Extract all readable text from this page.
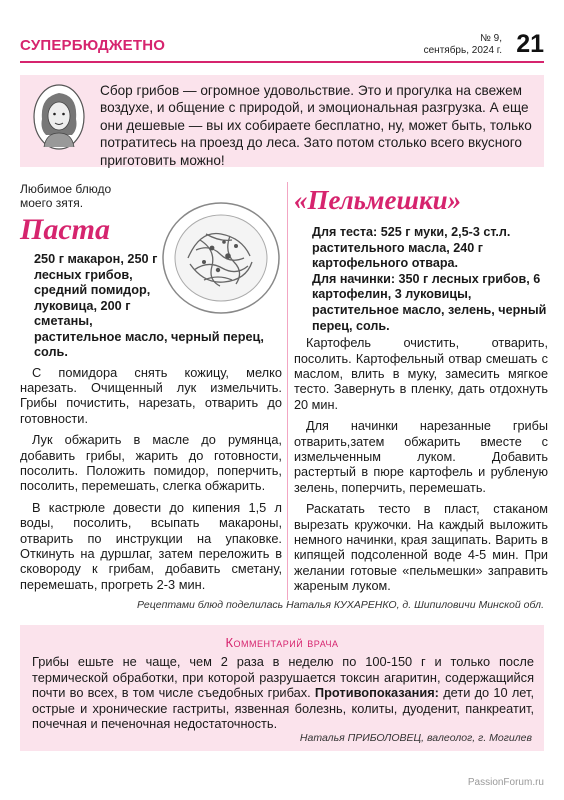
СУПЕРБЮДЖЕТНО	№ 9,
сентябрь, 2024 г. 21
Сбор грибов — огромное удовольствие. Это и прогулка на свежем воздухе, и общение с природой, и эмоциональная разгрузка. А еще они дешевые — вы их собираете бесплатно, ну, может быть, только потратитесь на проезд до леса. Зато потом столько всего вкусного приготовить можно!
Любимое блюдо моего зятя.
Паста
250 г макарон, 250 г лесных грибов, средний помидор, луковица, 200 г сметаны,
растительное масло, черный перец, соль.

С помидора снять кожицу, мелко нарезать. Очищенный лук измельчить. Грибы почистить, нарезать, отварить до готовности.

Лук обжарить в масле до румянца, добавить грибы, жарить до готовности, посолить. Положить помидор, поперчить, посолить, перемешать, слегка обжарить.

В кастрюле довести до кипения 1,5 л воды, посолить, всыпать макароны, отварить по инструкции на упаковке. Откинуть на дуршлаг, затем переложить в сковороду к грибам, добавить сметану, перемешать, прогреть 2-3 мин.

«Пельмешки»

Для теста: 525 г муки, 2,5-3 ст.л. растительного масла, 240 г картофельного отвара.

Для начинки: 350 г лесных грибов, 6 картофелин, 3 луковицы, растительное масло, зелень, черный перец, соль.

Картофель очистить, отварить, посолить. Картофельный отвар смешать с маслом, влить в муку, замесить мягкое тесто. Завернуть в пленку, дать отдохнуть 20 мин.

Для начинки нарезанные грибы отварить,затем обжарить вместе с измельченным луком. Добавить растертый в пюре картофель и рубленую зелень, поперчить, перемешать.

Раскатать тесто в пласт, стаканом вырезать кружочки. На каждый выложить немного начинки, края защипать. Варить в кипящей подсоленной воде 4-5 мин. При желании готовые «пельмешки» заправить жареным луком.

Рецептами блюд поделилась Наталья КУХАРЕНКО, д. Шипиловичи Минской обл.
Комментарий врача
Грибы ешьте не чаще, чем 2 раза в неделю по 100-150 г и только после термической обработки, при которой разрушается токсин агаритин, содержащийся почти во всех, в том числе съедобных грибах. Противопоказания: дети до 10 лет, острые и хронические гастриты, язвенная болезнь, колиты, дуоденит, панкреатит, почечная и печеночная недостаточность.
Наталья ПРИБОЛОВЕЦ, валеолог, г. Могилев
PassionForum.ru
